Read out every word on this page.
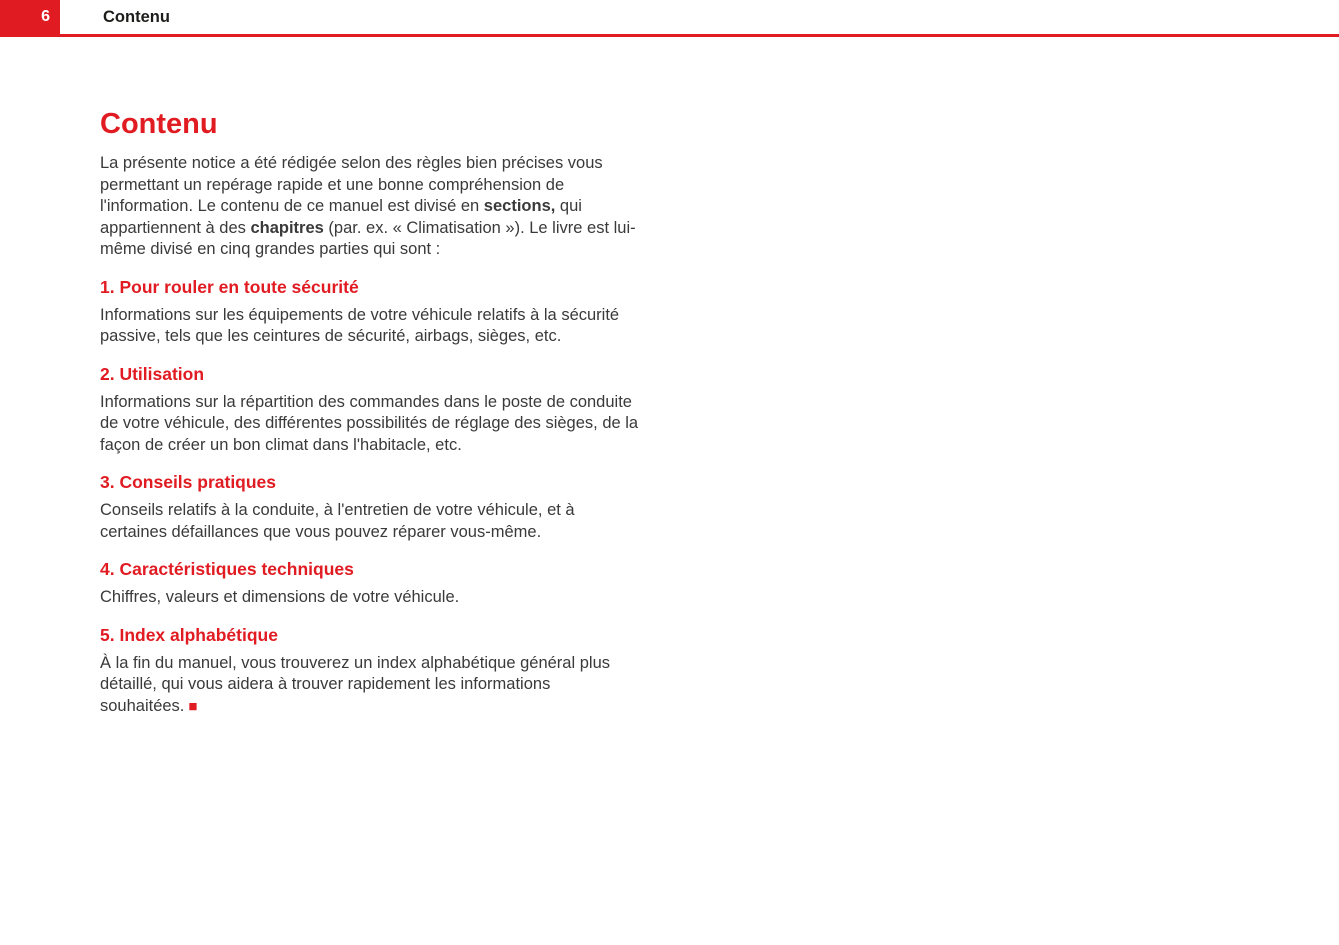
6	Contenu
Contenu

La présente notice a été rédigée selon des règles bien précises vous permettant un repérage rapide et une bonne compréhension de l'information. Le contenu de ce manuel est divisé en sections, qui appartiennent à des chapitres (par. ex. « Climatisation »). Le livre est lui-même divisé en cinq grandes parties qui sont :

1. Pour rouler en toute sécurité

Informations sur les équipements de votre véhicule relatifs à la sécurité passive, tels que les ceintures de sécurité, airbags, sièges, etc.

2. Utilisation

Informations sur la répartition des commandes dans le poste de conduite de votre véhicule, des différentes possibilités de réglage des sièges, de la façon de créer un bon climat dans l'habitacle, etc.

3. Conseils pratiques

Conseils relatifs à la conduite, à l'entretien de votre véhicule, et à certaines défaillances que vous pouvez réparer vous-même.

4. Caractéristiques techniques

Chiffres, valeurs et dimensions de votre véhicule.

5. Index alphabétique

À la fin du manuel, vous trouverez un index alphabétique général plus détaillé, qui vous aidera à trouver rapidement les informations souhaitées. ■
